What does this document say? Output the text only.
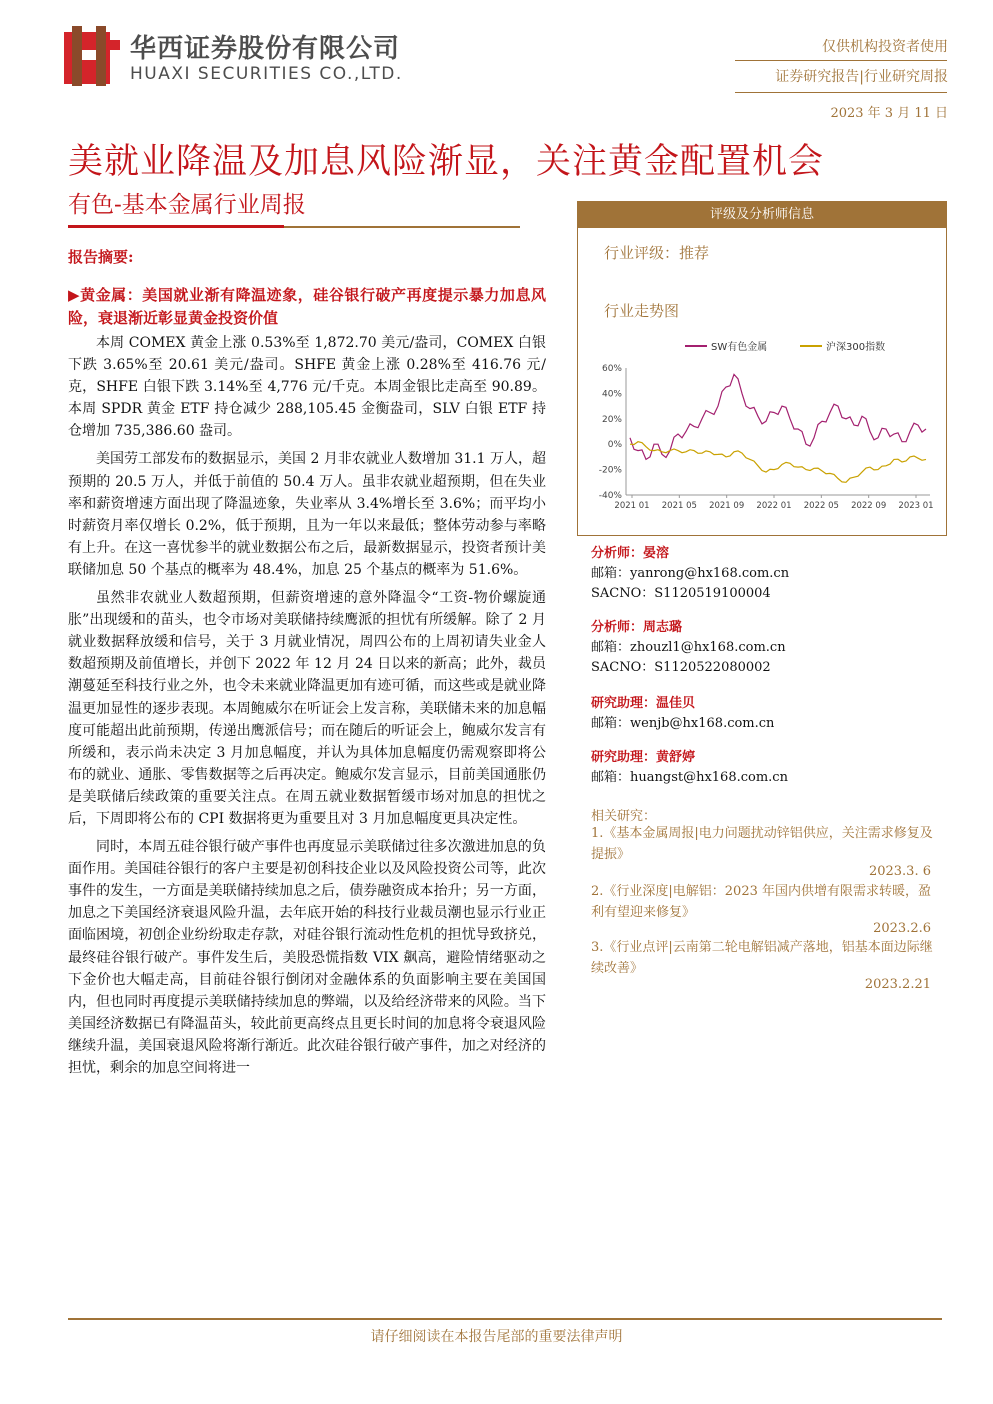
华西证券股份有限公司
HUAXI SECURITIES CO.,LTD.
仅供机构投资者使用
证券研究报告|行业研究周报
2023 年 3 月 11 日
美就业降温及加息风险渐显，关注黄金配置机会
有色-基本金属行业周报
报告摘要:
▶黄金属：美国就业渐有降温迹象，硅谷银行破产再度提示暴力加息风险，衰退渐近彰显黄金投资价值

本周 COMEX 黄金上涨 0.53%至 1,872.70 美元/盎司，COMEX 白银下跌 3.65%至 20.61 美元/盎司。SHFE 黄金上涨 0.28%至 416.76 元/克，SHFE 白银下跌 3.14%至 4,776 元/千克。本周金银比走高至 90.89。本周 SPDR 黄金 ETF 持仓减少 288,105.45 金衡盎司，SLV 白银 ETF 持仓增加 735,386.60 盎司。

美国劳工部发布的数据显示，美国 2 月非农就业人数增加 31.1 万人，超预期的 20.5 万人，并低于前值的 50.4 万人。虽非农就业超预期，但在失业率和薪资增速方面出现了降温迹象，失业率从 3.4%增长至 3.6%；而平均小时薪资月率仅增长 0.2%，低于预期，且为一年以来最低；整体劳动参与率略有上升。在这一喜忧参半的就业数据公布之后，最新数据显示，投资者预计美联储加息 50 个基点的概率为 48.4%，加息 25 个基点的概率为 51.6%。

虽然非农就业人数超预期，但薪资增速的意外降温令“工资-物价螺旋通胀”出现缓和的苗头，也令市场对美联储持续鹰派的担忧有所缓解。除了 2 月就业数据释放缓和信号，关于 3 月就业情况，周四公布的上周初请失业金人数超预期及前值增长，并创下 2022 年 12 月 24 日以来的新高；此外，裁员潮蔓延至科技行业之外，也令未来就业降温更加有迹可循，而这些或是就业降温更加显性的逐步表现。本周鲍威尔在听证会上发言称，美联储未来的加息幅度可能超出此前预期，传递出鹰派信号；而在随后的听证会上，鲍威尔发言有所缓和，表示尚未决定 3 月加息幅度，并认为具体加息幅度仍需观察即将公布的就业、通胀、零售数据等之后再决定。鲍威尔发言显示，目前美国通胀仍是美联储后续政策的重要关注点。在周五就业数据暂缓市场对加息的担忧之后，下周即将公布的 CPI 数据将更为重要且对 3 月加息幅度更具决定性。

同时，本周五硅谷银行破产事件也再度显示美联储过往多次激进加息的负面作用。美国硅谷银行的客户主要是初创科技企业以及风险投资公司等，此次事件的发生，一方面是美联储持续加息之后，债券融资成本抬升；另一方面，加息之下美国经济衰退风险升温，去年底开始的科技行业裁员潮也显示行业正面临困境，初创企业纷纷取走存款，对硅谷银行流动性危机的担忧导致挤兑，最终硅谷银行破产。事件发生后，美股恐慌指数 VIX 飙高，避险情绪驱动之下金价也大幅走高，目前硅谷银行倒闭对金融体系的负面影响主要在美国国内，但也同时再度提示美联储持续加息的弊端，以及给经济带来的风险。当下美国经济数据已有降温苗头，较此前更高终点且更长时间的加息将令衰退风险继续升温，美国衰退风险将渐行渐近。此次硅谷银行破产事件，加之对经济的担忧，剩余的加息空间将进一

评级及分析师信息
行业评级：推荐
行业走势图
SW有色金属	沪深300指数
60%
40%
20%
0%
-20%
-40%
2021 01 2021 05 2021 09 2022 01 2022 05 2022 09 2023 01
分析师：晏溶
邮箱：yanrong@hx168.com.cn
SACNO：S1120519100004
分析师：周志璐
邮箱：zhouzl1@hx168.com.cn
SACNO：S1120522080002
研究助理：温佳贝
邮箱：wenjb@hx168.com.cn
研究助理：黄舒婷
邮箱：huangst@hx168.com.cn
相关研究：
1.《基本金属周报|电力问题扰动锌铝供应，关注需求修复及提振》
2023.3. 6
2.《行业深度|电解铝：2023 年国内供增有限需求转暖，盈利有望迎来修复》
2023.2.6
3.《行业点评|云南第二轮电解铝减产落地，铝基本面边际继续改善》
2023.2.21
请仔细阅读在本报告尾部的重要法律声明
